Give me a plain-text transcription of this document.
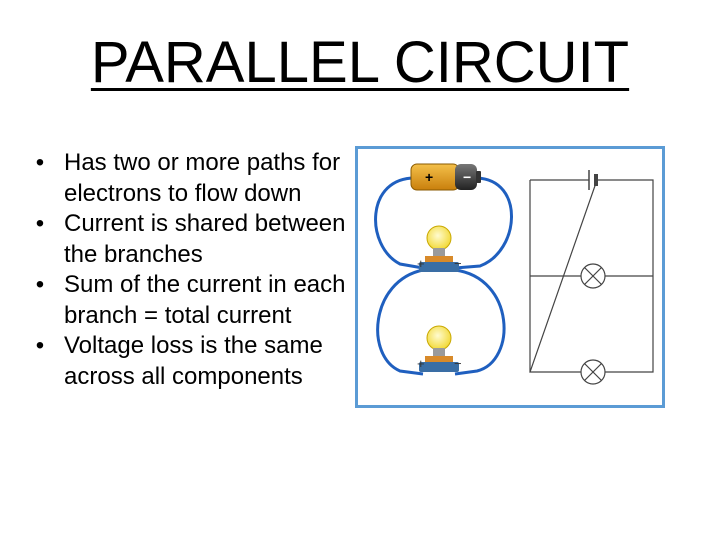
PARALLEL CIRCUIT
• Has two or more paths for electrons to flow down
• Current is shared between the branches
• Sum of the current in each branch = total current
• Voltage loss is the same across all components
+ −
+ −
+ −
